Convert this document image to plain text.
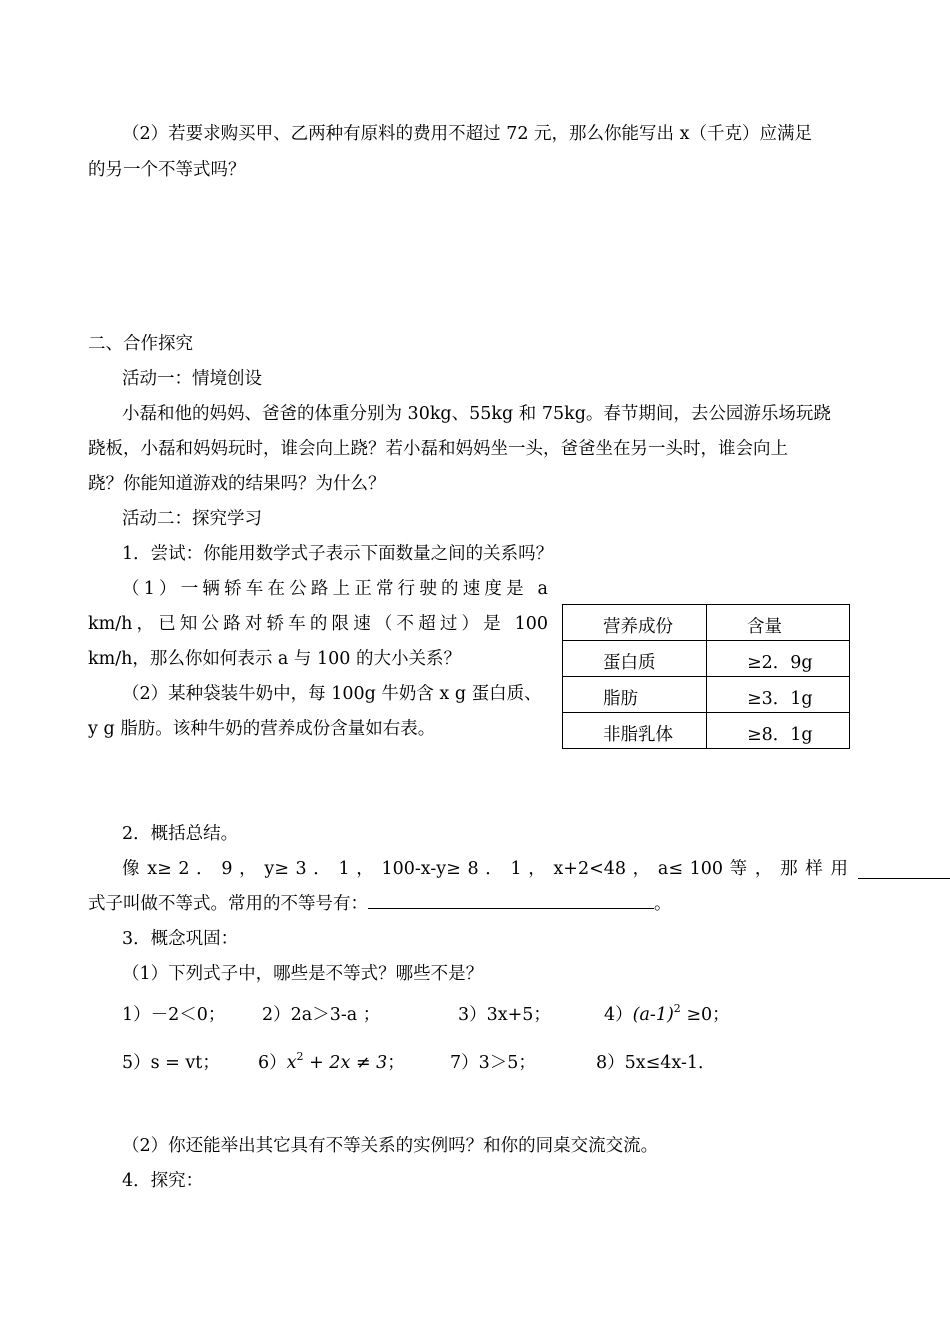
（2）若要求购买甲、乙两种有原料的费用不超过 72 元，那么你能写出 x（千克）应满足
的另一个不等式吗？
二、合作探究
活动一：情境创设
小磊和他的妈妈、爸爸的体重分别为 30kg、55kg 和 75kg。春节期间，去公园游乐场玩跷
跷板，小磊和妈妈玩时，谁会向上跷？若小磊和妈妈坐一头，爸爸坐在另一头时，谁会向上
跷？你能知道游戏的结果吗？为什么？
活动二：探究学习
1．尝试：你能用数学式子表示下面数量之间的关系吗？
（1）一辆轿车在公路上正常行驶的速度是 a
km/h，已知公路对轿车的限速（不超过）是 100
km/h，那么你如何表示 a 与 100 的大小关系？
（2）某种袋装牛奶中，每 100g 牛奶含 x g 蛋白质、
y g 脂肪。该种牛奶的营养成份含量如右表。
营养成份	含量
蛋白质	≥2．9g
脂肪	≥3．1g
非脂乳体	≥8．1g
2．概括总结。
像 x≥ 2 ． 9 ， y≥ 3 ． 1 ， 100-x-y≥ 8 ． 1 ， x+2<48 ， a≤ 100 等 ， 那 样 用
式子叫做不等式。常用的不等号有：	。
3．概念巩固：
（1）下列式子中，哪些是不等式？哪些不是？
1）－2＜0； 2）2a＞3-a ；	3）3x+5；	$4)(a-1)^2 \ge 0$；
5）s = vt； $6)x^2 + 2x \ne 3$；	7）3＞5；	8）5x≤4x-1．
（2）你还能举出其它具有不等关系的实例吗？和你的同桌交流交流。
4．探究：
